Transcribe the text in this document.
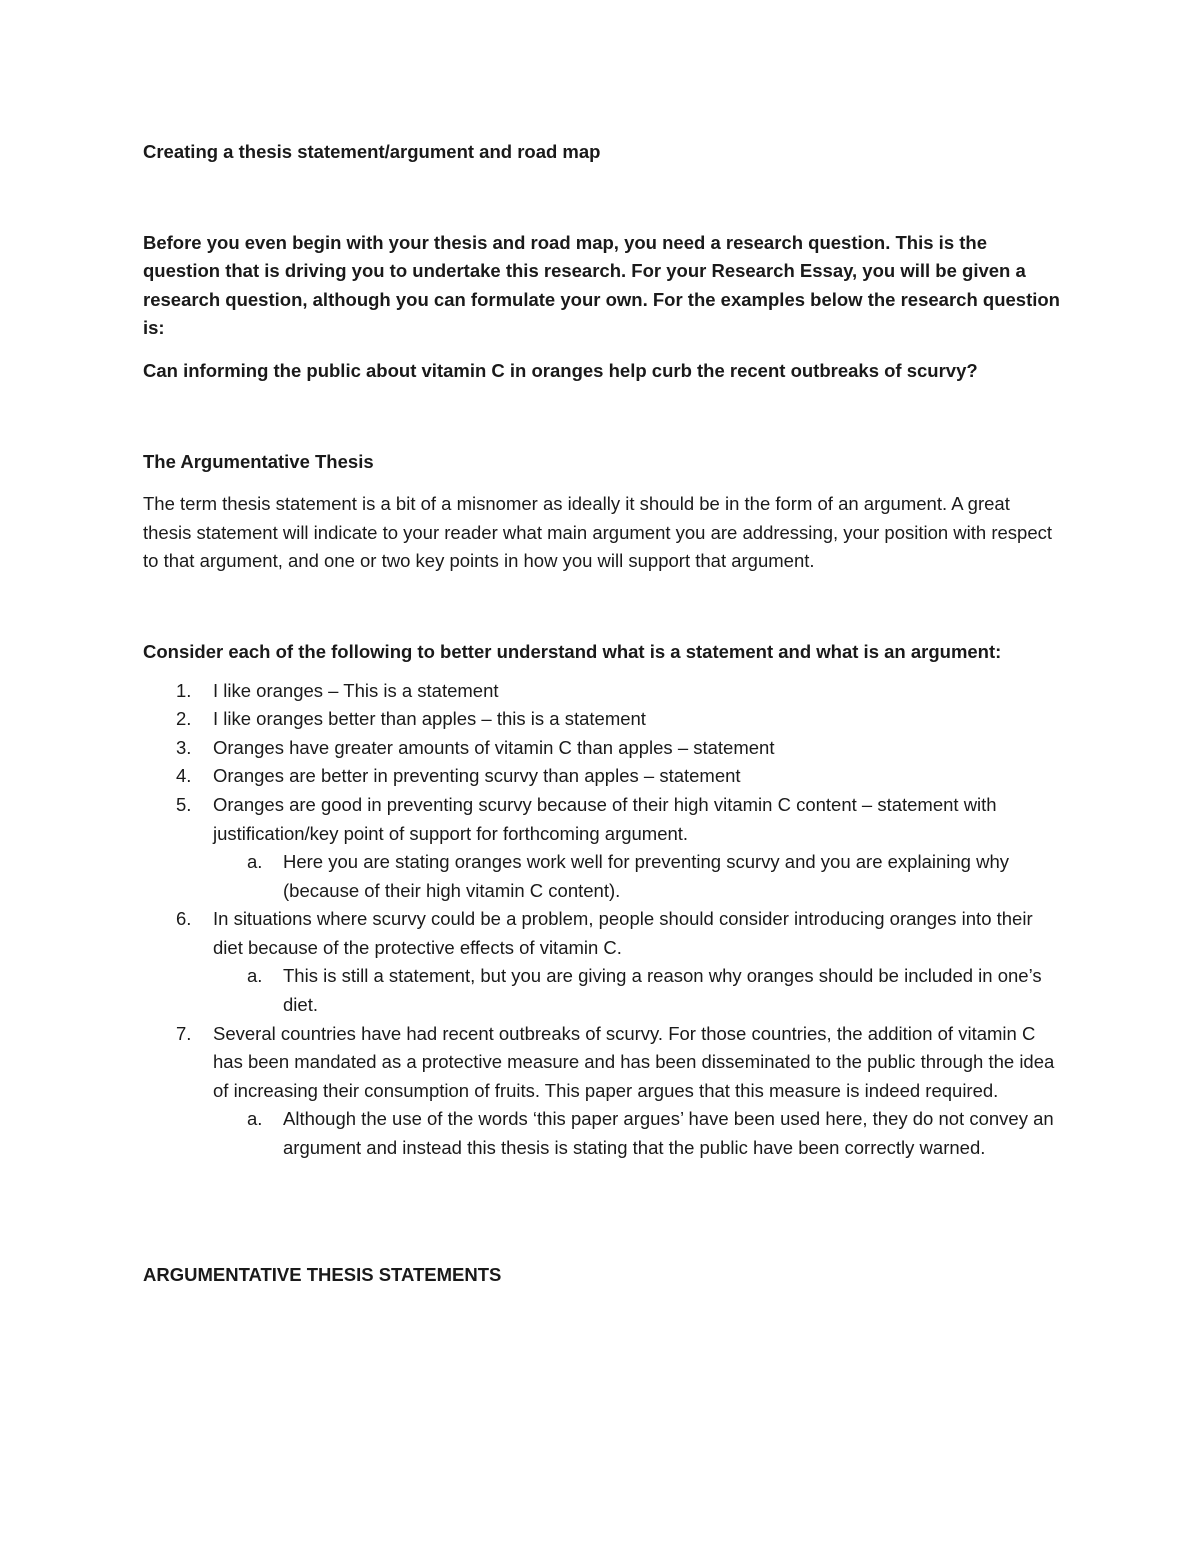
Creating a thesis statement/argument and road map

Before you even begin with your thesis and road map, you need a research question. This is the question that is driving you to undertake this research. For your Research Essay, you will be given a research question, although you can formulate your own. For the examples below the research question is:

Can informing the public about vitamin C in oranges help curb the recent outbreaks of scurvy?

The Argumentative Thesis

The term thesis statement is a bit of a misnomer as ideally it should be in the form of an argument. A great thesis statement will indicate to your reader what main argument you are addressing, your position with respect to that argument, and one or two key points in how you will support that argument.

Consider each of the following to better understand what is a statement and what is an argument:

1. I like oranges – This is a statement
2. I like oranges better than apples – this is a statement
3. Oranges have greater amounts of vitamin C than apples – statement
4. Oranges are better in preventing scurvy than apples – statement
5. Oranges are good in preventing scurvy because of their high vitamin C content – statement with justification/key point of support for forthcoming argument.
a. Here you are stating oranges work well for preventing scurvy and you are explaining why (because of their high vitamin C content).
6. In situations where scurvy could be a problem, people should consider introducing oranges into their diet because of the protective effects of vitamin C.
a. This is still a statement, but you are giving a reason why oranges should be included in one’s diet.
7. Several countries have had recent outbreaks of scurvy. For those countries, the addition of vitamin C has been mandated as a protective measure and has been disseminated to the public through the idea of increasing their consumption of fruits. This paper argues that this measure is indeed required.
a. Although the use of the words ‘this paper argues’ have been used here, they do not convey an argument and instead this thesis is stating that the public have been correctly warned.

ARGUMENTATIVE THESIS STATEMENTS
